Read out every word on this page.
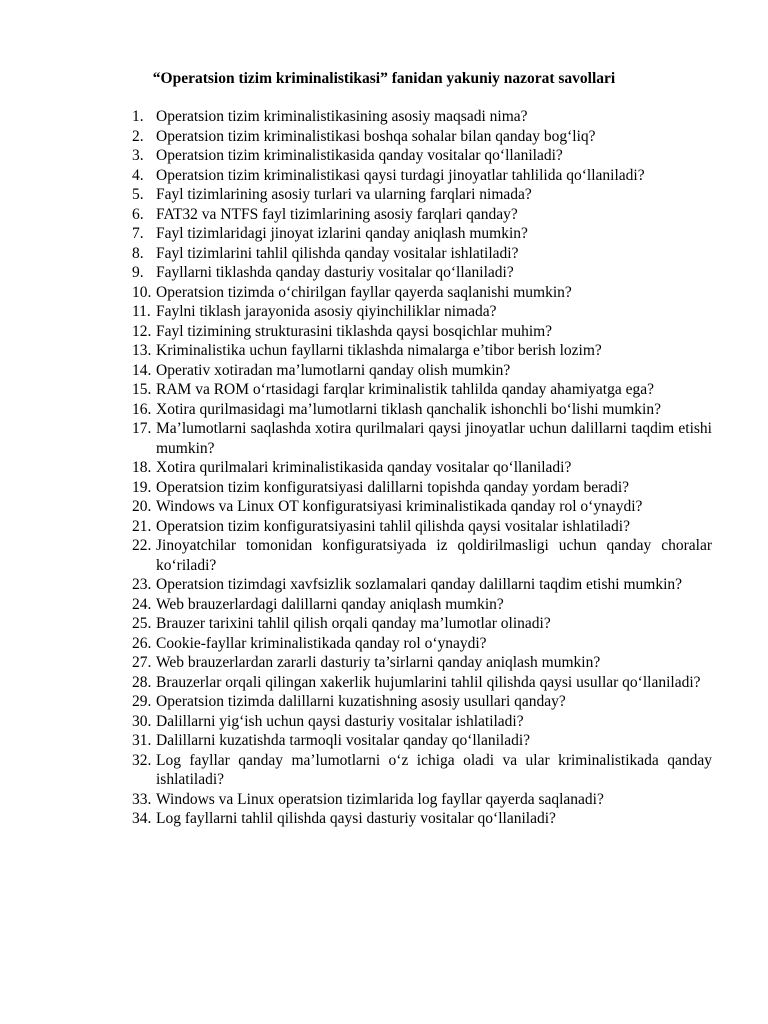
“Operatsion tizim kriminalistikasi” fanidan yakuniy nazorat savollari
1. Operatsion tizim kriminalistikasining asosiy maqsadi nima?
2. Operatsion tizim kriminalistikasi boshqa sohalar bilan qanday bog‘liq?
3. Operatsion tizim kriminalistikasida qanday vositalar qo‘llaniladi?
4. Operatsion tizim kriminalistikasi qaysi turdagi jinoyatlar tahlilida qo‘llaniladi?
5. Fayl tizimlarining asosiy turlari va ularning farqlari nimada?
6. FAT32 va NTFS fayl tizimlarining asosiy farqlari qanday?
7. Fayl tizimlaridagi jinoyat izlarini qanday aniqlash mumkin?
8. Fayl tizimlarini tahlil qilishda qanday vositalar ishlatiladi?
9. Fayllarni tiklashda qanday dasturiy vositalar qo‘llaniladi?
10. Operatsion tizimda o‘chirilgan fayllar qayerda saqlanishi mumkin?
11. Faylni tiklash jarayonida asosiy qiyinchiliklar nimada?
12. Fayl tizimining strukturasini tiklashda qaysi bosqichlar muhim?
13. Kriminalistika uchun fayllarni tiklashda nimalarga e’tibor berish lozim?
14. Operativ xotiradan ma’lumotlarni qanday olish mumkin?
15. RAM va ROM o‘rtasidagi farqlar kriminalistik tahlilda qanday ahamiyatga ega?
16. Xotira qurilmasidagi ma’lumotlarni tiklash qanchalik ishonchli bo‘lishi mumkin?
17. Ma’lumotlarni saqlashda xotira qurilmalari qaysi jinoyatlar uchun dalillarni taqdim etishi mumkin?
18. Xotira qurilmalari kriminalistikasida qanday vositalar qo‘llaniladi?
19. Operatsion tizim konfiguratsiyasi dalillarni topishda qanday yordam beradi?
20. Windows va Linux OT konfiguratsiyasi kriminalistikada qanday rol o‘ynaydi?
21. Operatsion tizim konfiguratsiyasini tahlil qilishda qaysi vositalar ishlatiladi?
22. Jinoyatchilar tomonidan konfiguratsiyada iz qoldirilmasligi uchun qanday choralar ko‘riladi?
23. Operatsion tizimdagi xavfsizlik sozlamalari qanday dalillarni taqdim etishi mumkin?
24. Web brauzerlardagi dalillarni qanday aniqlash mumkin?
25. Brauzer tarixini tahlil qilish orqali qanday ma’lumotlar olinadi?
26. Cookie-fayllar kriminalistikada qanday rol o‘ynaydi?
27. Web brauzerlardan zararli dasturiy ta’sirlarni qanday aniqlash mumkin?
28. Brauzerlar orqali qilingan xakerlik hujumlarini tahlil qilishda qaysi usullar qo‘llaniladi?
29. Operatsion tizimda dalillarni kuzatishning asosiy usullari qanday?
30. Dalillarni yig‘ish uchun qaysi dasturiy vositalar ishlatiladi?
31. Dalillarni kuzatishda tarmoqli vositalar qanday qo‘llaniladi?
32. Log fayllar qanday ma’lumotlarni o‘z ichiga oladi va ular kriminalistikada qanday ishlatiladi?
33. Windows va Linux operatsion tizimlarida log fayllar qayerda saqlanadi?
34. Log fayllarni tahlil qilishda qaysi dasturiy vositalar qo‘llaniladi?
